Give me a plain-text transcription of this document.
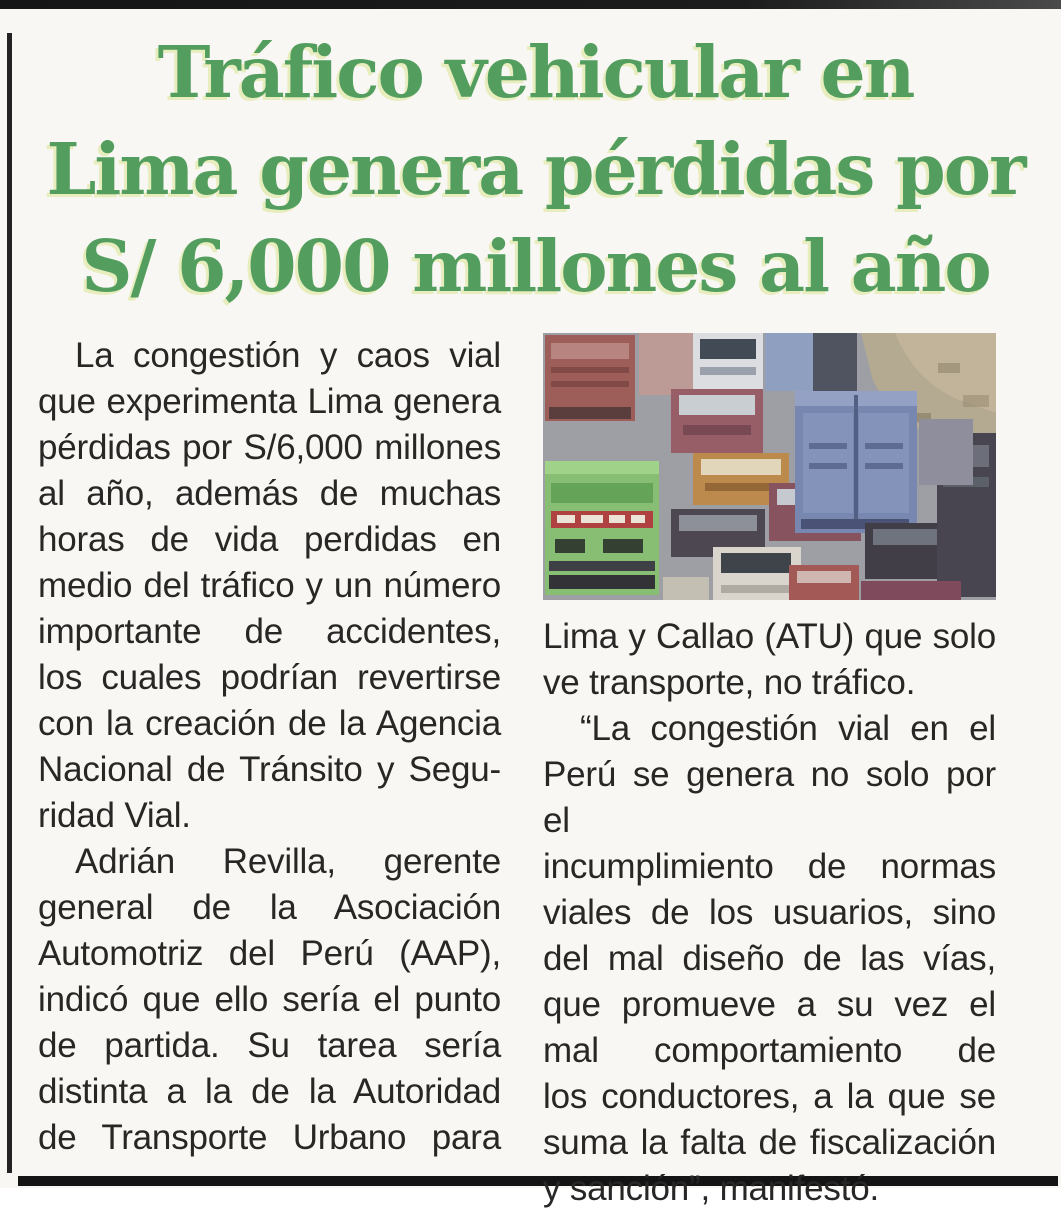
Tráfico vehicular en
Lima genera pérdidas por
S/ 6,000 millones al año
La congestión y caos vial
que experimenta Lima genera
pérdidas por S/6,000 millones
al año, además de muchas
horas de vida perdidas en
medio del tráfico y un número
importante de accidentes,
los cuales podrían revertirse
con la creación de la Agencia
Nacional de Tránsito y Segu-
ridad Vial.
Adrián Revilla, gerente
general de la Asociación
Automotriz del Perú (AAP),
indicó que ello sería el punto
de partida. Su tarea sería
distinta a la de la Autoridad
de Transporte Urbano para
Lima y Callao (ATU) que solo
ve transporte, no tráfico.
“La congestión vial en el
Perú se genera no solo por el
incumplimiento de normas
viales de los usuarios, sino
del mal diseño de las vías,
que promueve a su vez el
mal comportamiento de
los conductores, a la que se
suma la falta de fiscalización
y sanción”, manifestó.
